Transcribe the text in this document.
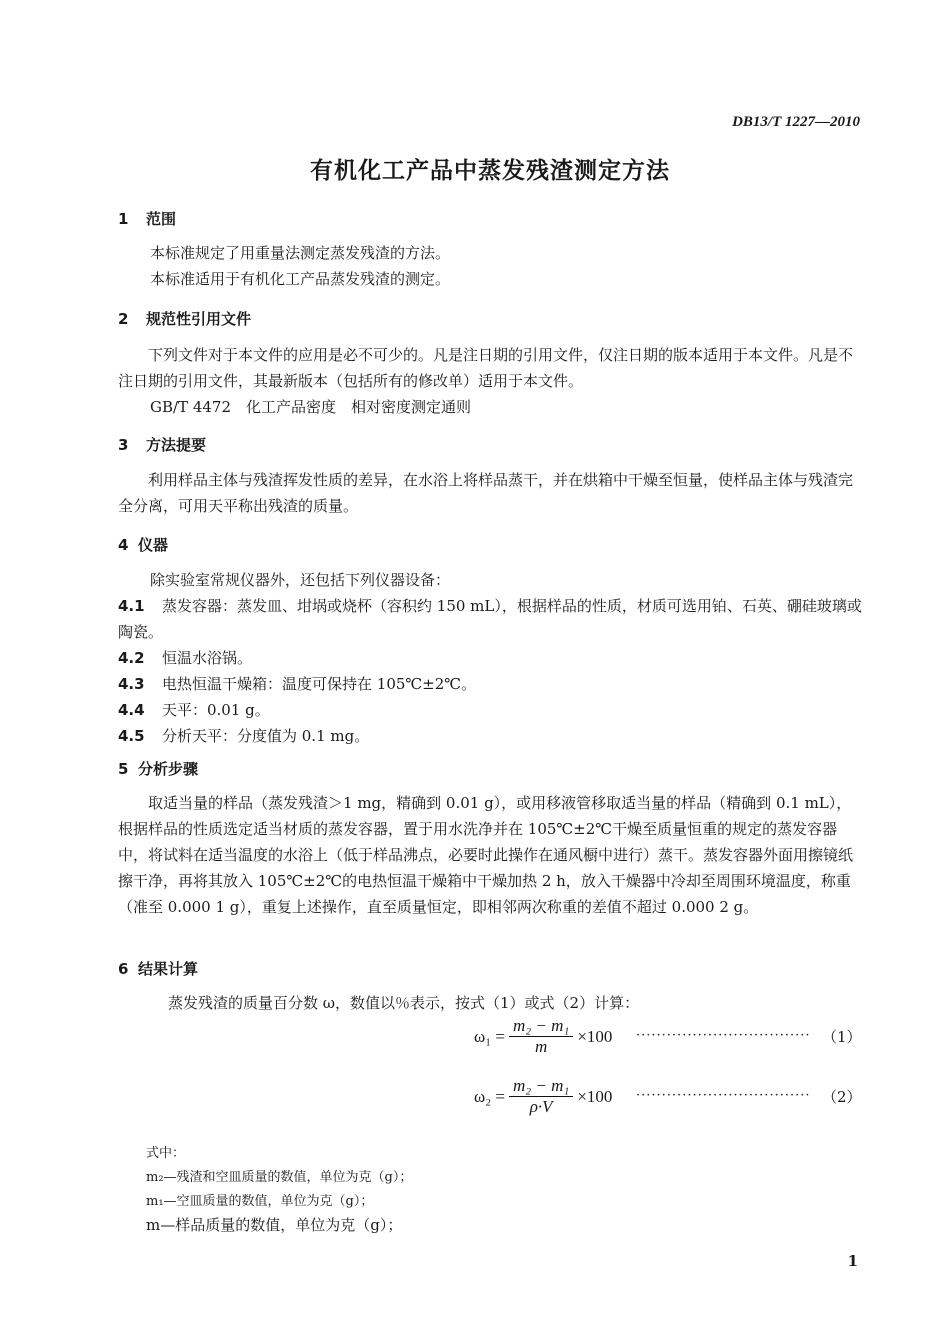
DB13/T 1227—2010
有机化工产品中蒸发残渣测定方法
1 范围
本标准规定了用重量法测定蒸发残渣的方法。
本标准适用于有机化工产品蒸发残渣的测定。
2 规范性引用文件
下列文件对于本文件的应用是必不可少的。凡是注日期的引用文件，仅注日期的版本适用于本文件。凡是不注日期的引用文件，其最新版本（包括所有的修改单）适用于本文件。
GB/T 4472　化工产品密度　相对密度测定通则
3 方法提要
利用样品主体与残渣挥发性质的差异，在水浴上将样品蒸干，并在烘箱中干燥至恒量，使样品主体与残渣完全分离，可用天平称出残渣的质量。
4 仪器
除实验室常规仪器外，还包括下列仪器设备：
4.1 蒸发容器：蒸发皿、坩埚或烧杯（容积约 150 mL），根据样品的性质，材质可选用铂、石英、硼硅玻璃或陶瓷。
4.2 恒温水浴锅。
4.3 电热恒温干燥箱：温度可保持在 105℃±2℃。
4.4 天平：0.01 g。
4.5 分析天平：分度值为 0.1 mg。
5 分析步骤
取适当量的样品（蒸发残渣＞1 mg，精确到 0.01 g），或用移液管移取适当量的样品（精确到 0.1 mL），根据样品的性质选定适当材质的蒸发容器，置于用水洗净并在 105℃±2℃干燥至质量恒重的规定的蒸发容器中，将试料在适当温度的水浴上（低于样品沸点，必要时此操作在通风橱中进行）蒸干。蒸发容器外面用擦镜纸擦干净，再将其放入 105℃±2℃的电热恒温干燥箱中干燥加热 2 h，放入干燥器中冷却至周围环境温度，称重（准至 0.000 1 g），重复上述操作，直至质量恒定，即相邻两次称重的差值不超过 0.000 2 g。
6 结果计算
蒸发残渣的质量百分数 ω，数值以％表示，按式（1）或式（2）计算：
$\omega_1 = \frac{\text{m₂ − m₁}}{m} \times 100$ ·································· （1）
$\omega_2 = \frac{\text{m₂ − m₁}}{\rho\cdot V} \times 100$ ·································· （2）
式中：
m₂—残渣和空皿质量的数值，单位为克（g）；
m₁—空皿质量的数值，单位为克（g）；
m—样品质量的数值，单位为克（g）；
1
